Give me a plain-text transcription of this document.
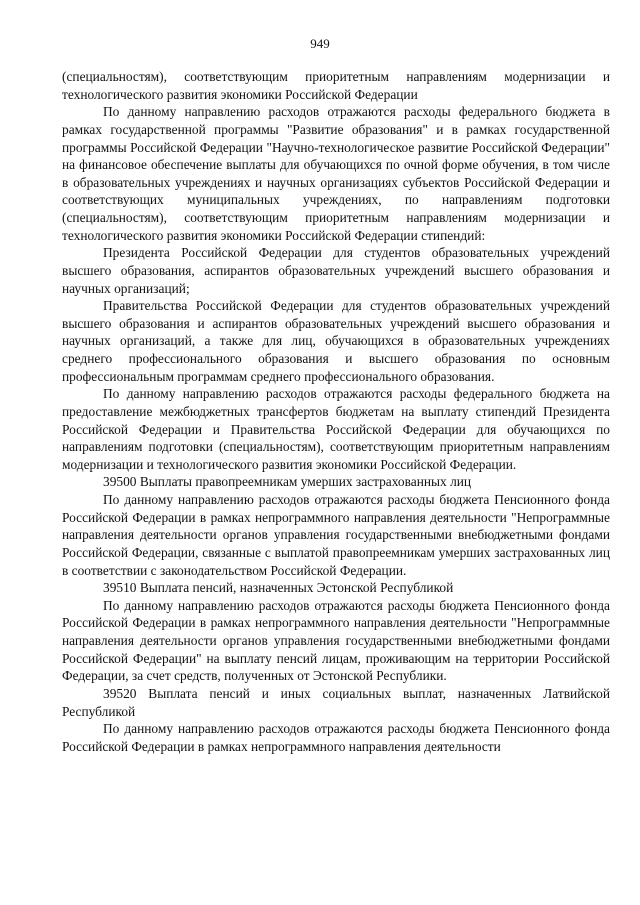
949

(специальностям), соответствующим приоритетным направлениям модернизации и технологического развития экономики Российской Федерации

По данному направлению расходов отражаются расходы федерального бюджета в рамках государственной программы "Развитие образования" и в рамках государственной программы Российской Федерации "Научно-технологическое развитие Российской Федерации" на финансовое обеспечение выплаты для обучающихся по очной форме обучения, в том числе в образовательных учреждениях и научных организациях субъектов Российской Федерации и соответствующих муниципальных учреждениях, по направлениям подготовки (специальностям), соответствующим приоритетным направлениям модернизации и технологического развития экономики Российской Федерации стипендий:

Президента Российской Федерации для студентов образовательных учреждений высшего образования, аспирантов образовательных учреждений высшего образования и научных организаций;

Правительства Российской Федерации для студентов образовательных учреждений высшего образования и аспирантов образовательных учреждений высшего образования и научных организаций, а также для лиц, обучающихся в образовательных учреждениях среднего профессионального образования и высшего образования по основным профессиональным программам среднего профессионального образования.

По данному направлению расходов отражаются расходы федерального бюджета на предоставление межбюджетных трансфертов бюджетам на выплату стипендий Президента Российской Федерации и Правительства Российской Федерации для обучающихся по направлениям подготовки (специальностям), соответствующим приоритетным направлениям модернизации и технологического развития экономики Российской Федерации.

39500 Выплаты правопреемникам умерших застрахованных лиц

По данному направлению расходов отражаются расходы бюджета Пенсионного фонда Российской Федерации в рамках непрограммного направления деятельности "Непрограммные направления деятельности органов управления государственными внебюджетными фондами Российской Федерации, связанные с выплатой правопреемникам умерших застрахованных лиц в соответствии с законодательством Российской Федерации.

39510 Выплата пенсий, назначенных Эстонской Республикой

По данному направлению расходов отражаются расходы бюджета Пенсионного фонда Российской Федерации в рамках непрограммного направления деятельности "Непрограммные направления деятельности органов управления государственными внебюджетными фондами Российской Федерации" на выплату пенсий лицам, проживающим на территории Российской Федерации, за счет средств, полученных от Эстонской Республики.

39520 Выплата пенсий и иных социальных выплат, назначенных Латвийской Республикой

По данному направлению расходов отражаются расходы бюджета Пенсионного фонда Российской Федерации в рамках непрограммного направления деятельности
